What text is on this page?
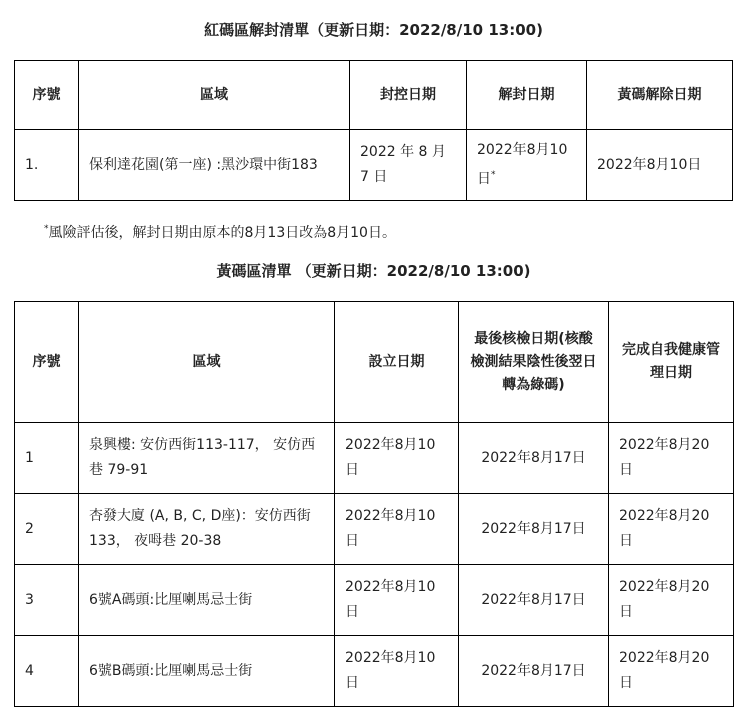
紅碼區解封清單（更新日期：2022/8/10 13:00)
序號	區域	封控日期	解封日期	黃碼解除日期
1.	保利達花園(第一座) :黑沙環中街183	2022 年 8 月 7 日	2022年8月10日*	2022年8月10日
*風險評估後，解封日期由原本的8月13日改為8月10日。
黃碼區清單 （更新日期：2022/8/10 13:00)
序號	區域	設立日期	最後核檢日期(核酸檢測結果陰性後翌日轉為綠碼)	完成自我健康管理日期
1	泉興樓: 安仿西街113-117， 安仿西巷 79-91	2022年8月10日	2022年8月17日	2022年8月20日
2	杏發大廈 (A, B, C, D座)：安仿西街133， 夜呣巷 20-38	2022年8月10日	2022年8月17日	2022年8月20日
3	6號A碼頭:比厘喇馬忌士街	2022年8月10日	2022年8月17日	2022年8月20日
4	6號B碼頭:比厘喇馬忌士街	2022年8月10日	2022年8月17日	2022年8月20日
